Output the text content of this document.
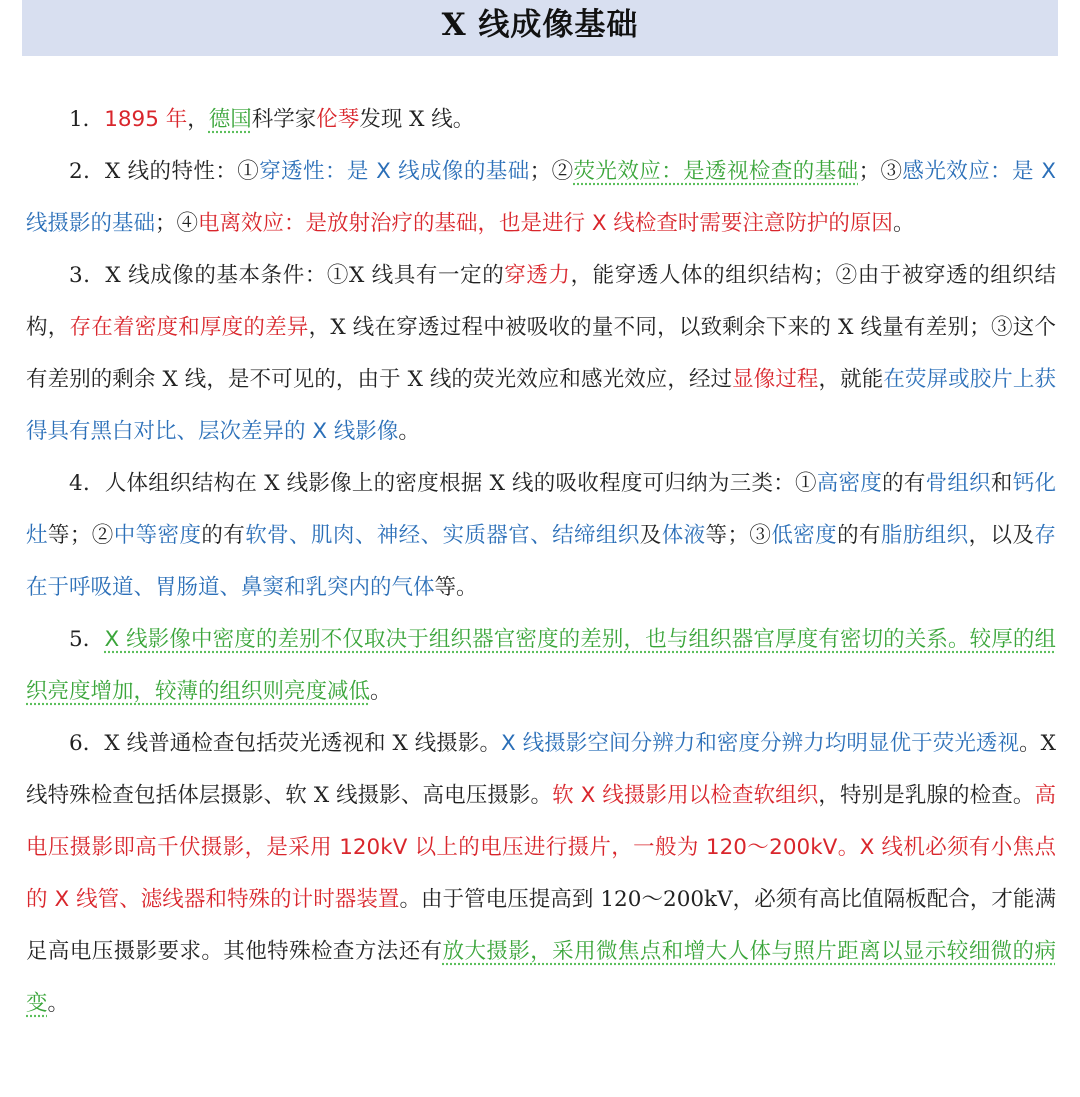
X 线成像基础

1．1895 年，德国科学家伦琴发现 X 线。

2．X 线的特性：①穿透性：是 X 线成像的基础；②荧光效应：是透视检查的基础；③感光效应：是 X 线摄影的基础；④电离效应：是放射治疗的基础，也是进行 X 线检查时需要注意防护的原因。

3．X 线成像的基本条件：①X 线具有一定的穿透力，能穿透人体的组织结构；②由于被穿透的组织结构，存在着密度和厚度的差异，X 线在穿透过程中被吸收的量不同，以致剩余下来的 X 线量有差别；③这个有差别的剩余 X 线，是不可见的，由于 X 线的荧光效应和感光效应，经过显像过程，就能在荧屏或胶片上获得具有黑白对比、层次差异的 X 线影像。

4．人体组织结构在 X 线影像上的密度根据 X 线的吸收程度可归纳为三类：①高密度的有骨组织和钙化灶等；②中等密度的有软骨、肌肉、神经、实质器官、结缔组织及体液等；③低密度的有脂肪组织，以及存在于呼吸道、胃肠道、鼻窦和乳突内的气体等。

5．X 线影像中密度的差别不仅取决于组织器官密度的差别，也与组织器官厚度有密切的关系。较厚的组织亮度增加，较薄的组织则亮度减低。

6．X 线普通检查包括荧光透视和 X 线摄影。X 线摄影空间分辨力和密度分辨力均明显优于荧光透视。X 线特殊检查包括体层摄影、软 X 线摄影、高电压摄影。软 X 线摄影用以检查软组织，特别是乳腺的检查。高电压摄影即高千伏摄影，是采用 120kV 以上的电压进行摄片，一般为 120～200kV。X 线机必须有小焦点的 X 线管、滤线器和特殊的计时器装置。由于管电压提高到 120～200kV，必须有高比值隔板配合，才能满足高电压摄影要求。其他特殊检查方法还有放大摄影，采用微焦点和增大人体与照片距离以显示较细微的病变。
